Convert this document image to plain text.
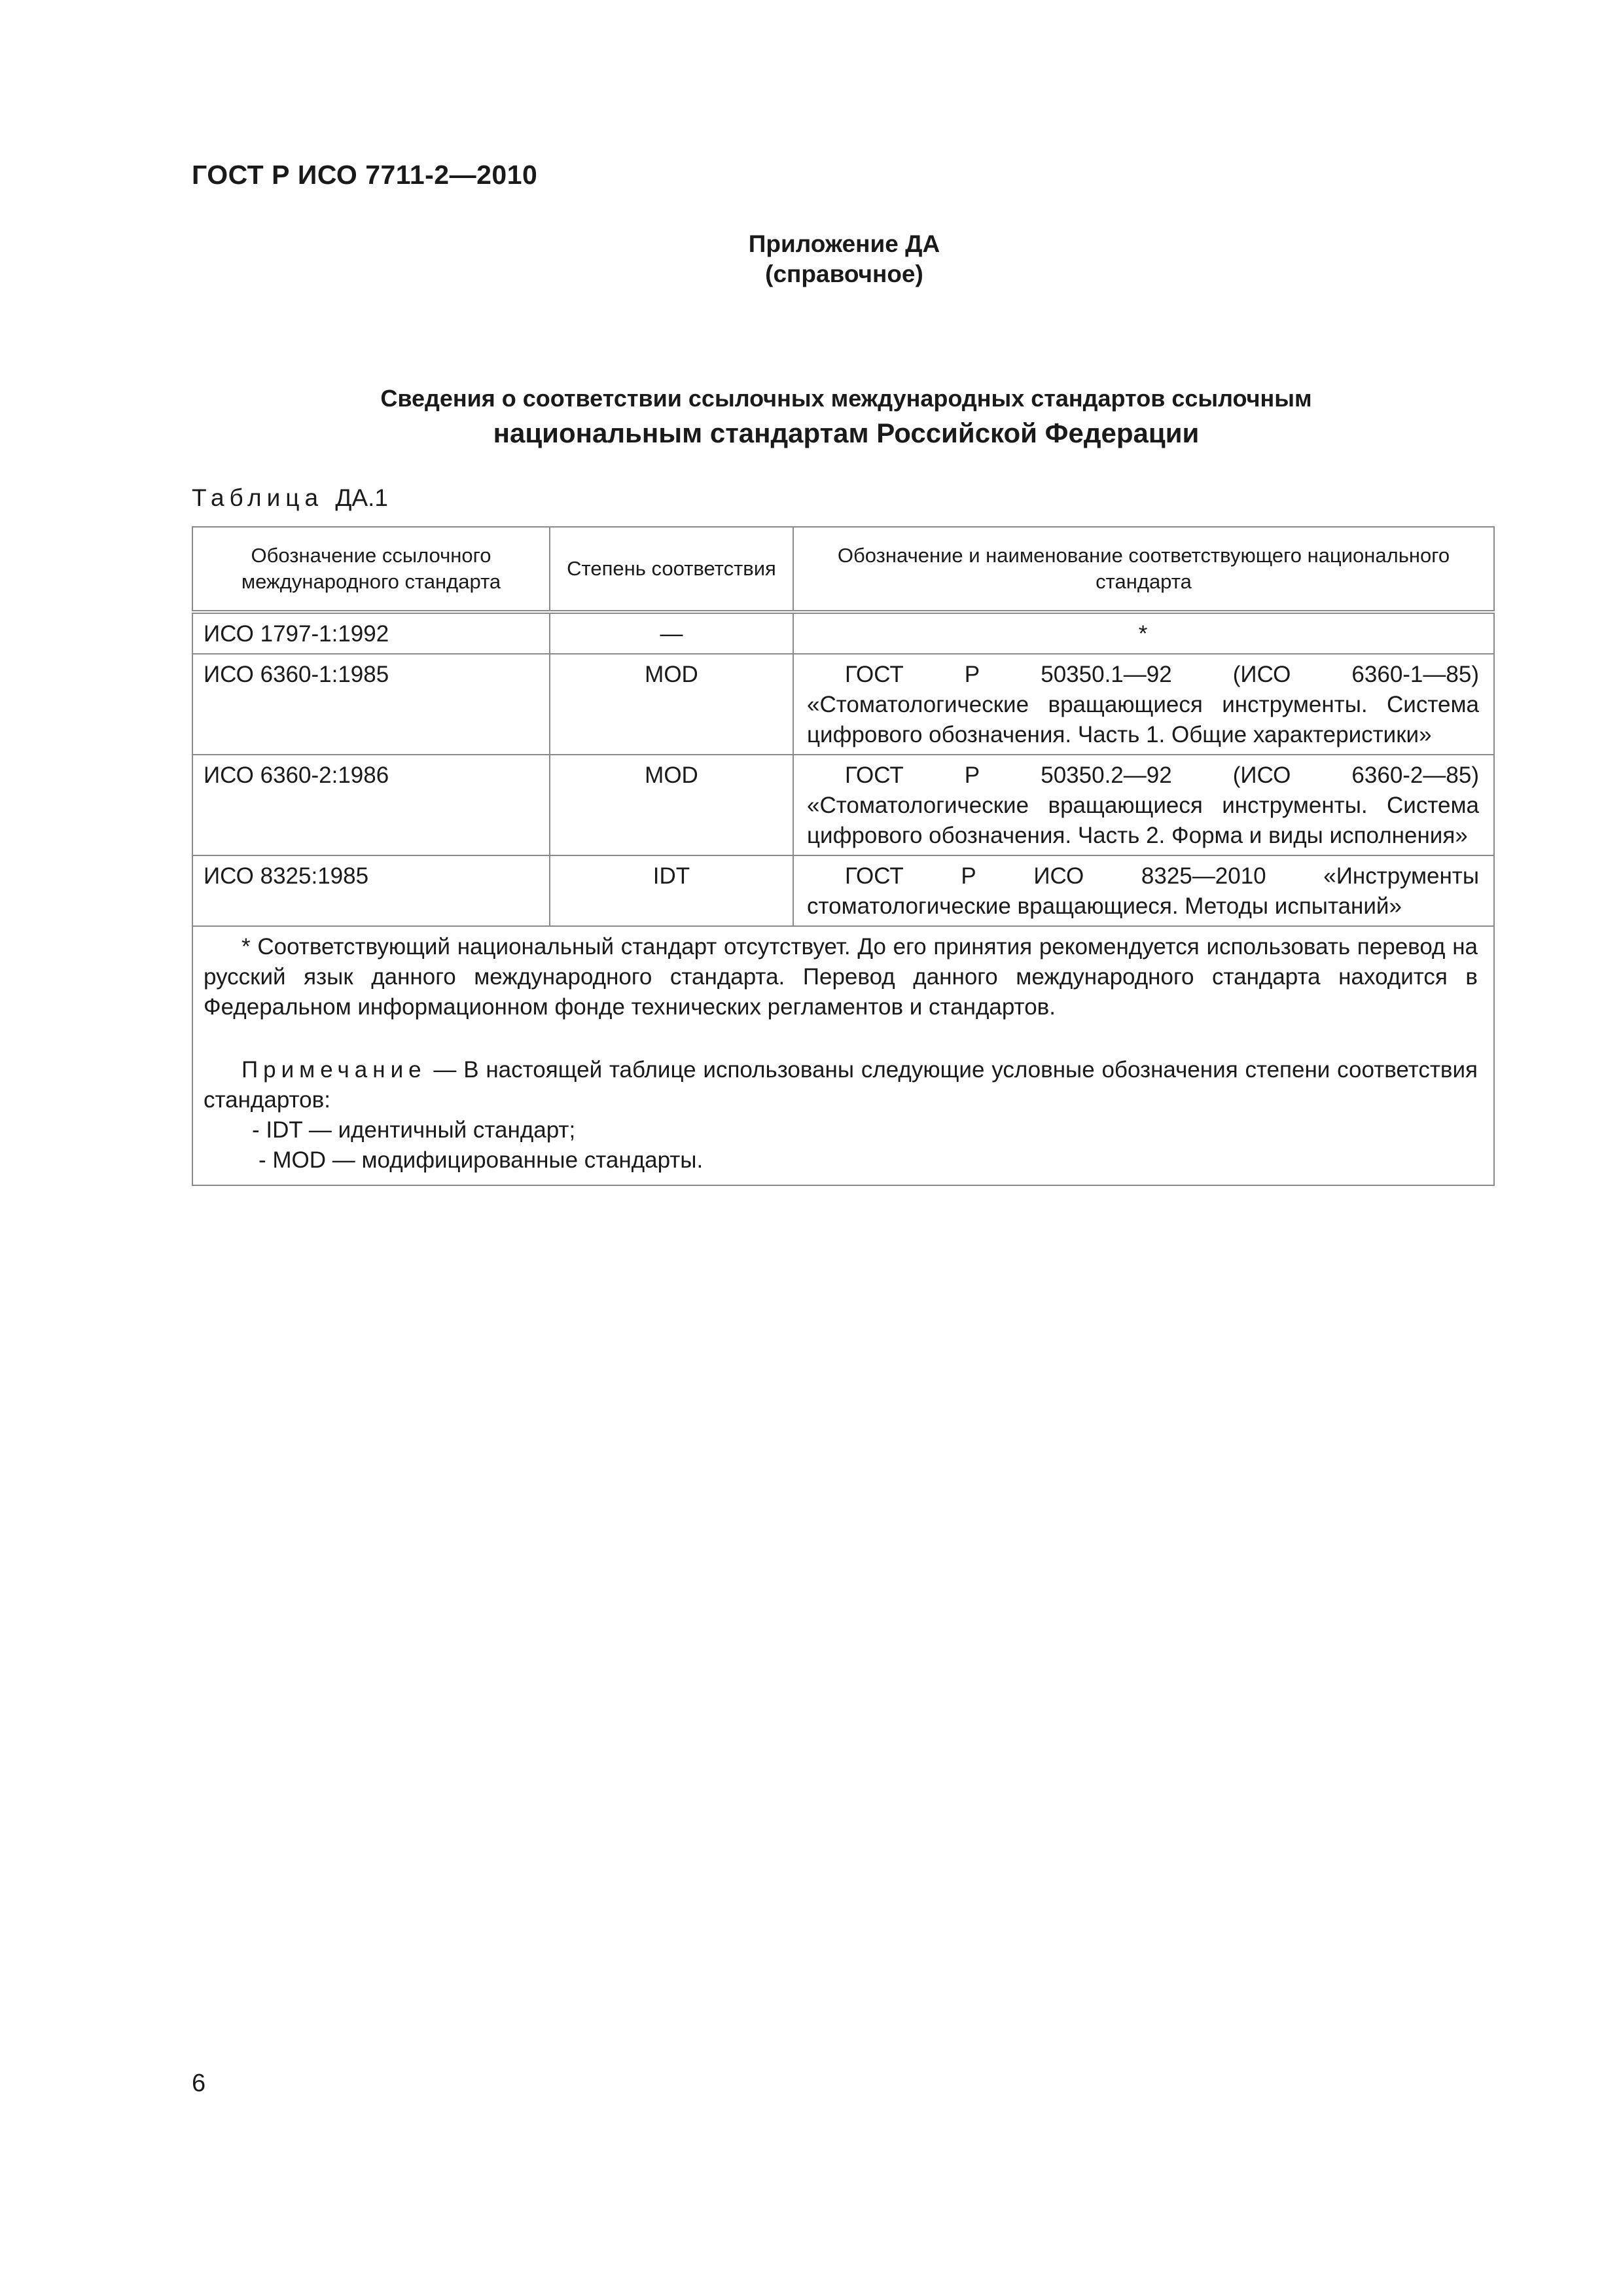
ГОСТ Р ИСО 7711-2—2010
Приложение ДА
(справочное)
Сведения о соответствии ссылочных международных стандартов ссылочным
национальным стандартам Российской Федерации
Таблица ДА.1
Обозначение ссылочного международного стандарта	Степень соответствия	Обозначение и наименование соответствующего национального стандарта
ИСО 1797-1:1992	—	*
ИСО 6360-1:1985	MOD	ГОСТ Р 50350.1—92 (ИСО 6360-1—85) «Стоматологические вращающиеся инструменты. Система цифрового обозначения. Часть 1. Общие характеристики»

ИСО 6360-2:1986	MOD	ГОСТ Р 50350.2—92 (ИСО 6360-2—85) «Стоматологические вращающиеся инструменты. Система цифрового обозначения. Часть 2. Форма и виды исполнения»

ИСО 8325:1985	IDT	ГОСТ Р ИСО 8325—2010 «Инструменты стоматологические вращающиеся. Методы испытаний»

* Соответствующий национальный стандарт отсутствует. До его принятия рекомендуется использовать перевод на русский язык данного международного стандарта. Перевод данного международного стандарта находится в Федеральном информационном фонде технических регламентов и стандартов.
Примечание — В настоящей таблице использованы следующие условные обозначения степени соответствия стандартов:
- IDT — идентичный стандарт;
- MOD — модифицированные стандарты.		
6
